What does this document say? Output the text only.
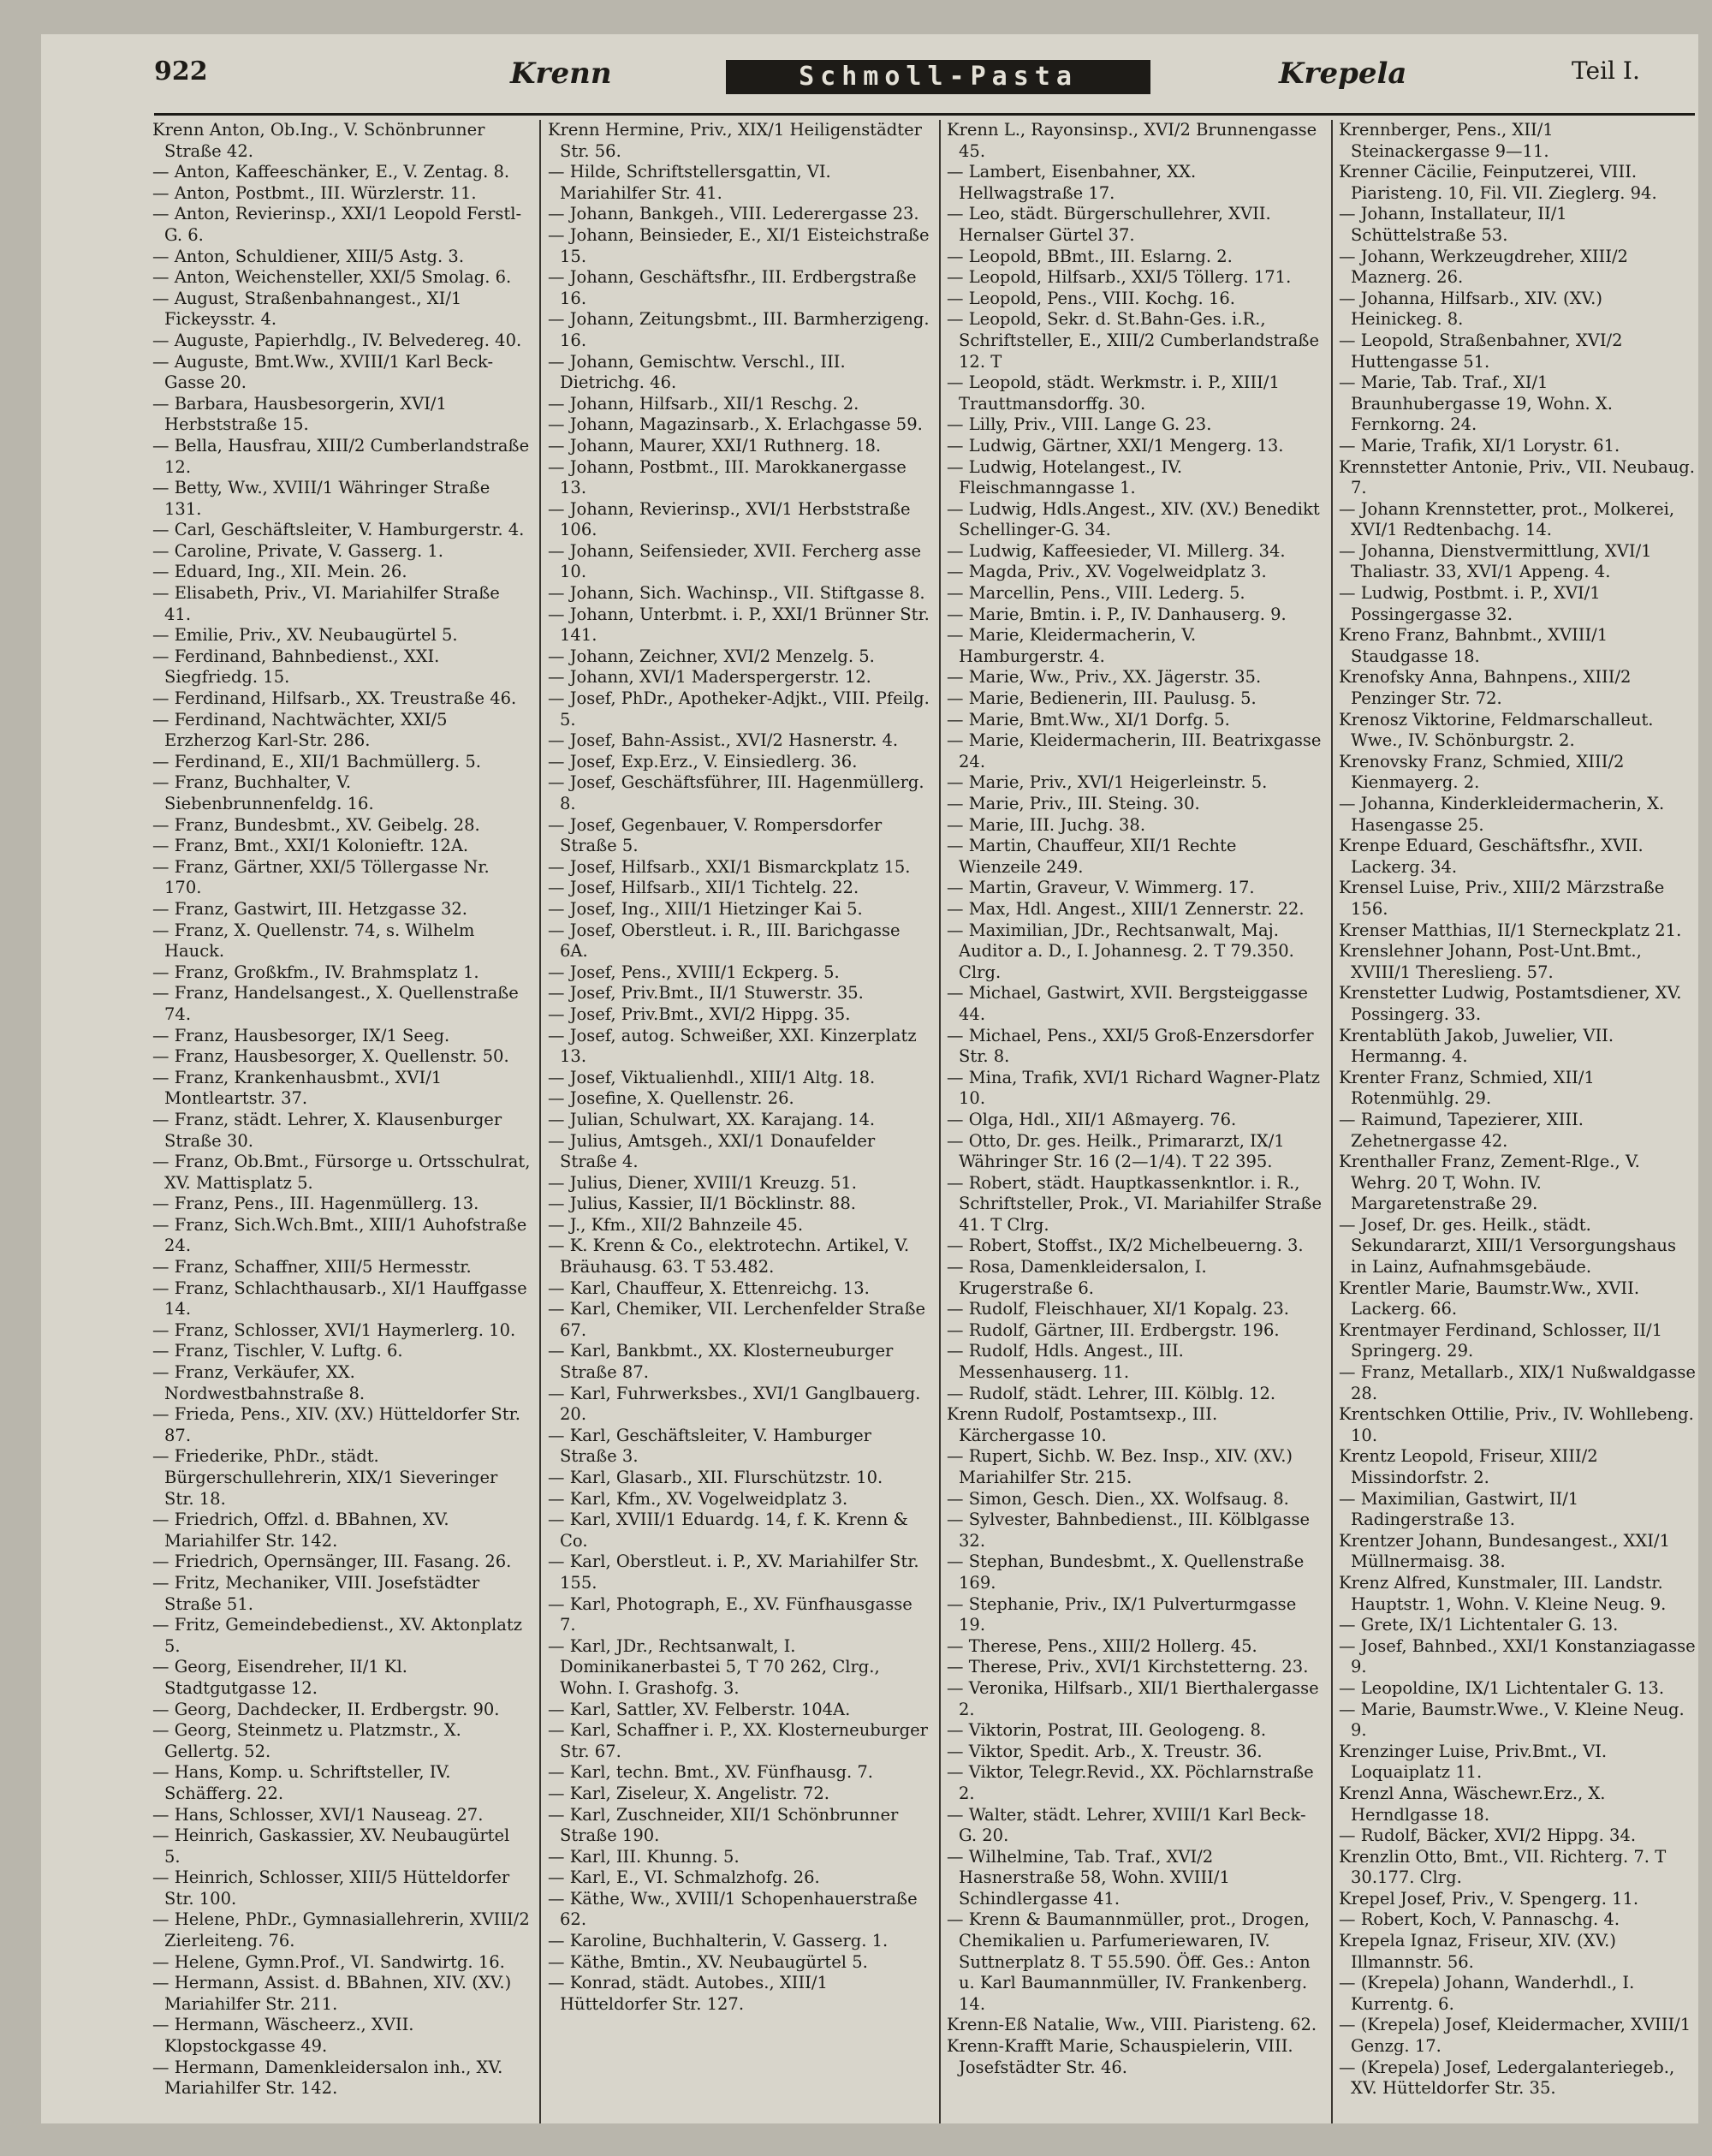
922	Krenn	Schmoll-Pasta	Krepela	Teil I.

Krenn Anton, Ob.Ing., V. Schönbrunner Straße 42.

— Anton, Kaffeeschänker, E., V. Zentag. 8.

— Anton, Postbmt., III. Würzlerstr. 11.

— Anton, Revierinsp., XXI/1 Leopold Ferstl-G. 6.

— Anton, Schuldiener, XIII/5 Astg. 3.

— Anton, Weichensteller, XXI/5 Smolag. 6.

— August, Straßenbahnangest., XI/1 Fickeysstr. 4.

— Auguste, Papierhdlg., IV. Belvedereg. 40.

— Auguste, Bmt.Ww., XVIII/1 Karl Beck-Gasse 20.

— Barbara, Hausbesorgerin, XVI/1 Herbststraße 15.

— Bella, Hausfrau, XIII/2 Cumberlandstraße 12.

— Betty, Ww., XVIII/1 Währinger Straße 131.

— Carl, Geschäftsleiter, V. Hamburgerstr. 4.

— Caroline, Private, V. Gasserg. 1.

— Eduard, Ing., XII. Mein. 26.

— Elisabeth, Priv., VI. Mariahilfer Straße 41.

— Emilie, Priv., XV. Neubaugürtel 5.

— Ferdinand, Bahnbedienst., XXI. Siegfriedg. 15.

— Ferdinand, Hilfsarb., XX. Treustraße 46.

— Ferdinand, Nachtwächter, XXI/5 Erzherzog Karl-Str. 286.

— Ferdinand, E., XII/1 Bachmüllerg. 5.

— Franz, Buchhalter, V. Siebenbrunnenfeldg. 16.

— Franz, Bundesbmt., XV. Geibelg. 28.

— Franz, Bmt., XXI/1 Kolonieftr. 12A.

— Franz, Gärtner, XXI/5 Töllergasse Nr. 170.

— Franz, Gastwirt, III. Hetzgasse 32.

— Franz, X. Quellenstr. 74, s. Wilhelm Hauck.

— Franz, Großkfm., IV. Brahmsplatz 1.

— Franz, Handelsangest., X. Quellenstraße 74.

— Franz, Hausbesorger, IX/1 Seeg.

— Franz, Hausbesorger, X. Quellenstr. 50.

— Franz, Krankenhausbmt., XVI/1 Montleartstr. 37.

— Franz, städt. Lehrer, X. Klausenburger Straße 30.

— Franz, Ob.Bmt., Fürsorge u. Ortsschulrat, XV. Mattisplatz 5.

— Franz, Pens., III. Hagenmüllerg. 13.

— Franz, Sich.Wch.Bmt., XIII/1 Auhofstraße 24.

— Franz, Schaffner, XIII/5 Hermesstr.

— Franz, Schlachthausarb., XI/1 Hauffgasse 14.

— Franz, Schlosser, XVI/1 Haymerlerg. 10.

— Franz, Tischler, V. Luftg. 6.

— Franz, Verkäufer, XX. Nordwestbahnstraße 8.

— Frieda, Pens., XIV. (XV.) Hütteldorfer Str. 87.

— Friederike, PhDr., städt. Bürgerschullehrerin, XIX/1 Sieveringer Str. 18.

— Friedrich, Offzl. d. BBahnen, XV. Mariahilfer Str. 142.

— Friedrich, Opernsänger, III. Fasang. 26.

— Fritz, Mechaniker, VIII. Josefstädter Straße 51.

— Fritz, Gemeindebedienst., XV. Aktonplatz 5.

— Georg, Eisendreher, II/1 Kl. Stadtgutgasse 12.

— Georg, Dachdecker, II. Erdbergstr. 90.

— Georg, Steinmetz u. Platzmstr., X. Gellertg. 52.

— Hans, Komp. u. Schriftsteller, IV. Schäfferg. 22.

— Hans, Schlosser, XVI/1 Nauseag. 27.

— Heinrich, Gaskassier, XV. Neubaugürtel 5.

— Heinrich, Schlosser, XIII/5 Hütteldorfer Str. 100.

— Helene, PhDr., Gymnasiallehrerin, XVIII/2 Zierleiteng. 76.

— Helene, Gymn.Prof., VI. Sandwirtg. 16.

— Hermann, Assist. d. BBahnen, XIV. (XV.) Mariahilfer Str. 211.

— Hermann, Wäscheerz., XVII. Klopstockgasse 49.

— Hermann, Damenkleidersalon inh., XV. Mariahilfer Str. 142.

Krenn Hermine, Priv., XIX/1 Heiligenstädter Str. 56.

— Hilde, Schriftstellersgattin, VI. Mariahilfer Str. 41.

— Johann, Bankgeh., VIII. Lederergasse 23.

— Johann, Beinsieder, E., XI/1 Eisteichstraße 15.

— Johann, Geschäftsfhr., III. Erdbergstraße 16.

— Johann, Zeitungsbmt., III. Barmherzigeng. 16.

— Johann, Gemischtw. Verschl., III. Dietrichg. 46.

— Johann, Hilfsarb., XII/1 Reschg. 2.

— Johann, Magazinsarb., X. Erlachgasse 59.

— Johann, Maurer, XXI/1 Ruthnerg. 18.

— Johann, Postbmt., III. Marokkanergasse 13.

— Johann, Revierinsp., XVI/1 Herbststraße 106.

— Johann, Seifensieder, XVII. Fercherg asse 10.

— Johann, Sich. Wachinsp., VII. Stiftgasse 8.

— Johann, Unterbmt. i. P., XXI/1 Brünner Str. 141.

— Johann, Zeichner, XVI/2 Menzelg. 5.

— Johann, XVI/1 Maderspergerstr. 12.

— Josef, PhDr., Apotheker-Adjkt., VIII. Pfeilg. 5.

— Josef, Bahn-Assist., XVI/2 Hasnerstr. 4.

— Josef, Exp.Erz., V. Einsiedlerg. 36.

— Josef, Geschäftsführer, III. Hagenmüllerg. 8.

— Josef, Gegenbauer, V. Rompersdorfer Straße 5.

— Josef, Hilfsarb., XXI/1 Bismarckplatz 15.

— Josef, Hilfsarb., XII/1 Tichtelg. 22.

— Josef, Ing., XIII/1 Hietzinger Kai 5.

— Josef, Oberstleut. i. R., III. Barichgasse 6A.

— Josef, Pens., XVIII/1 Eckperg. 5.

— Josef, Priv.Bmt., II/1 Stuwerstr. 35.

— Josef, Priv.Bmt., XVI/2 Hippg. 35.

— Josef, autog. Schweißer, XXI. Kinzerplatz 13.

— Josef, Viktualienhdl., XIII/1 Altg. 18.

— Josefine, X. Quellenstr. 26.

— Julian, Schulwart, XX. Karajang. 14.

— Julius, Amtsgeh., XXI/1 Donaufelder Straße 4.

— Julius, Diener, XVIII/1 Kreuzg. 51.

— Julius, Kassier, II/1 Böcklinstr. 88.

— J., Kfm., XII/2 Bahnzeile 45.

— K. Krenn & Co., elektrotechn. Artikel, V. Bräuhausg. 63. T 53.482.

— Karl, Chauffeur, X. Ettenreichg. 13.

— Karl, Chemiker, VII. Lerchenfelder Straße 67.

— Karl, Bankbmt., XX. Klosterneuburger Straße 87.

— Karl, Fuhrwerksbes., XVI/1 Ganglbauerg. 20.

— Karl, Geschäftsleiter, V. Hamburger Straße 3.

— Karl, Glasarb., XII. Flurschützstr. 10.

— Karl, Kfm., XV. Vogelweidplatz 3.

— Karl, XVIII/1 Eduardg. 14, f. K. Krenn & Co.

— Karl, Oberstleut. i. P., XV. Mariahilfer Str. 155.

— Karl, Photograph, E., XV. Fünfhausgasse 7.

— Karl, JDr., Rechtsanwalt, I. Dominikanerbastei 5, T 70 262, Clrg., Wohn. I. Grashofg. 3.

— Karl, Sattler, XV. Felberstr. 104A.

— Karl, Schaffner i. P., XX. Klosterneuburger Str. 67.

— Karl, techn. Bmt., XV. Fünfhausg. 7.

— Karl, Ziseleur, X. Angelistr. 72.

— Karl, Zuschneider, XII/1 Schönbrunner Straße 190.

— Karl, III. Khunng. 5.

— Karl, E., VI. Schmalzhofg. 26.

— Käthe, Ww., XVIII/1 Schopenhauerstraße 62.

— Karoline, Buchhalterin, V. Gasserg. 1.

— Käthe, Bmtin., XV. Neubaugürtel 5.

— Konrad, städt. Autobes., XIII/1 Hütteldorfer Str. 127.

Krenn L., Rayonsinsp., XVI/2 Brunnengasse 45.

— Lambert, Eisenbahner, XX. Hellwagstraße 17.

— Leo, städt. Bürgerschullehrer, XVII. Hernalser Gürtel 37.

— Leopold, BBmt., III. Eslarng. 2.

— Leopold, Hilfsarb., XXI/5 Töllerg. 171.

— Leopold, Pens., VIII. Kochg. 16.

— Leopold, Sekr. d. St.Bahn-Ges. i.R., Schriftsteller, E., XIII/2 Cumberlandstraße 12. T

— Leopold, städt. Werkmstr. i. P., XIII/1 Trauttmansdorffg. 30.

— Lilly, Priv., VIII. Lange G. 23.

— Ludwig, Gärtner, XXI/1 Mengerg. 13.

— Ludwig, Hotelangest., IV. Fleischmanngasse 1.

— Ludwig, Hdls.Angest., XIV. (XV.) Benedikt Schellinger-G. 34.

— Ludwig, Kaffeesieder, VI. Millerg. 34.

— Magda, Priv., XV. Vogelweidplatz 3.

— Marcellin, Pens., VIII. Lederg. 5.

— Marie, Bmtin. i. P., IV. Danhauserg. 9.

— Marie, Kleidermacherin, V. Hamburgerstr. 4.

— Marie, Ww., Priv., XX. Jägerstr. 35.

— Marie, Bedienerin, III. Paulusg. 5.

— Marie, Bmt.Ww., XI/1 Dorfg. 5.

— Marie, Kleidermacherin, III. Beatrixgasse 24.

— Marie, Priv., XVI/1 Heigerleinstr. 5.

— Marie, Priv., III. Steing. 30.

— Marie, III. Juchg. 38.

— Martin, Chauffeur, XII/1 Rechte Wienzeile 249.

— Martin, Graveur, V. Wimmerg. 17.

— Max, Hdl. Angest., XIII/1 Zennerstr. 22.

— Maximilian, JDr., Rechtsanwalt, Maj. Auditor a. D., I. Johannesg. 2. T 79.350. Clrg.

— Michael, Gastwirt, XVII. Bergsteiggasse 44.

— Michael, Pens., XXI/5 Groß-Enzersdorfer Str. 8.

— Mina, Trafik, XVI/1 Richard Wagner-Platz 10.

— Olga, Hdl., XII/1 Aßmayerg. 76.

— Otto, Dr. ges. Heilk., Primararzt, IX/1 Währinger Str. 16 (2—1/4). T 22 395.

— Robert, städt. Hauptkassenkntlor. i. R., Schriftsteller, Prok., VI. Mariahilfer Straße 41. T Clrg.

— Robert, Stoffst., IX/2 Michelbeuerng. 3.

— Rosa, Damenkleidersalon, I. Krugerstraße 6.

— Rudolf, Fleischhauer, XI/1 Kopalg. 23.

— Rudolf, Gärtner, III. Erdbergstr. 196.

— Rudolf, Hdls. Angest., III. Messenhauserg. 11.

— Rudolf, städt. Lehrer, III. Kölblg. 12.

Krenn Rudolf, Postamtsexp., III. Kärchergasse 10.

— Rupert, Sichb. W. Bez. Insp., XIV. (XV.) Mariahilfer Str. 215.

— Simon, Gesch. Dien., XX. Wolfsaug. 8.

— Sylvester, Bahnbedienst., III. Kölblgasse 32.

— Stephan, Bundesbmt., X. Quellenstraße 169.

— Stephanie, Priv., IX/1 Pulverturmgasse 19.

— Therese, Pens., XIII/2 Hollerg. 45.

— Therese, Priv., XVI/1 Kirchstetterng. 23.

— Veronika, Hilfsarb., XII/1 Bierthalergasse 2.

— Viktorin, Postrat, III. Geologeng. 8.

— Viktor, Spedit. Arb., X. Treustr. 36.

— Viktor, Telegr.Revid., XX. Pöchlarnstraße 2.

— Walter, städt. Lehrer, XVIII/1 Karl Beck-G. 20.

— Wilhelmine, Tab. Traf., XVI/2 Hasnerstraße 58, Wohn. XVIII/1 Schindlergasse 41.

— Krenn & Baumannmüller, prot., Drogen, Chemikalien u. Parfumeriewaren, IV. Suttnerplatz 8. T 55.590. Öff. Ges.: Anton u. Karl Baumannmüller, IV. Frankenberg. 14.

Krenn-Eß Natalie, Ww., VIII. Piaristeng. 62.

Krenn-Krafft Marie, Schauspielerin, VIII. Josefstädter Str. 46.

Krennberger, Pens., XII/1 Steinackergasse 9—11.

Krenner Cäcilie, Feinputzerei, VIII. Piaristeng. 10, Fil. VII. Zieglerg. 94.

— Johann, Installateur, II/1 Schüttelstraße 53.

— Johann, Werkzeugdreher, XIII/2 Maznerg. 26.

— Johanna, Hilfsarb., XIV. (XV.) Heinickeg. 8.

— Leopold, Straßenbahner, XVI/2 Huttengasse 51.

— Marie, Tab. Traf., XI/1 Braunhubergasse 19, Wohn. X. Fernkorng. 24.

— Marie, Trafik, XI/1 Lorystr. 61.

Krennstetter Antonie, Priv., VII. Neubaug. 7.

— Johann Krennstetter, prot., Molkerei, XVI/1 Redtenbachg. 14.

— Johanna, Dienstvermittlung, XVI/1 Thaliastr. 33, XVI/1 Appeng. 4.

— Ludwig, Postbmt. i. P., XVI/1 Possingergasse 32.

Kreno Franz, Bahnbmt., XVIII/1 Staudgasse 18.

Krenofsky Anna, Bahnpens., XIII/2 Penzinger Str. 72.

Krenosz Viktorine, Feldmarschalleut. Wwe., IV. Schönburgstr. 2.

Krenovsky Franz, Schmied, XIII/2 Kienmayerg. 2.

— Johanna, Kinderkleidermacherin, X. Hasengasse 25.

Krenpe Eduard, Geschäftsfhr., XVII. Lackerg. 34.

Krensel Luise, Priv., XIII/2 Märzstraße 156.

Krenser Matthias, II/1 Sterneckplatz 21.

Krenslehner Johann, Post-Unt.Bmt., XVIII/1 Thereslieng. 57.

Krenstetter Ludwig, Postamtsdiener, XV. Possingerg. 33.

Krentablüth Jakob, Juwelier, VII. Hermanng. 4.

Krenter Franz, Schmied, XII/1 Rotenmühlg. 29.

— Raimund, Tapezierer, XIII. Zehetnergasse 42.

Krenthaller Franz, Zement-Rlge., V. Wehrg. 20 T, Wohn. IV. Margaretenstraße 29.

— Josef, Dr. ges. Heilk., städt. Sekundararzt, XIII/1 Versorgungshaus in Lainz, Aufnahmsgebäude.

Krentler Marie, Baumstr.Ww., XVII. Lackerg. 66.

Krentmayer Ferdinand, Schlosser, II/1 Springerg. 29.

— Franz, Metallarb., XIX/1 Nußwaldgasse 28.

Krentschken Ottilie, Priv., IV. Wohllebeng. 10.

Krentz Leopold, Friseur, XIII/2 Missindorfstr. 2.

— Maximilian, Gastwirt, II/1 Radingerstraße 13.

Krentzer Johann, Bundesangest., XXI/1 Müllnermaisg. 38.

Krenz Alfred, Kunstmaler, III. Landstr. Hauptstr. 1, Wohn. V. Kleine Neug. 9.

— Grete, IX/1 Lichtentaler G. 13.

— Josef, Bahnbed., XXI/1 Konstanziagasse 9.

— Leopoldine, IX/1 Lichtentaler G. 13.

— Marie, Baumstr.Wwe., V. Kleine Neug. 9.

Krenzinger Luise, Priv.Bmt., VI. Loquaiplatz 11.

Krenzl Anna, Wäschewr.Erz., X. Herndlgasse 18.

— Rudolf, Bäcker, XVI/2 Hippg. 34.

Krenzlin Otto, Bmt., VII. Richterg. 7. T 30.177. Clrg.

Krepel Josef, Priv., V. Spengerg. 11.

— Robert, Koch, V. Pannaschg. 4.

Krepela Ignaz, Friseur, XIV. (XV.) Illmannstr. 56.

— (Krepela) Johann, Wanderhdl., I. Kurrentg. 6.

— (Krepela) Josef, Kleidermacher, XVIII/1 Genzg. 17.

— (Krepela) Josef, Ledergalanteriegeb., XV. Hütteldorfer Str. 35.
